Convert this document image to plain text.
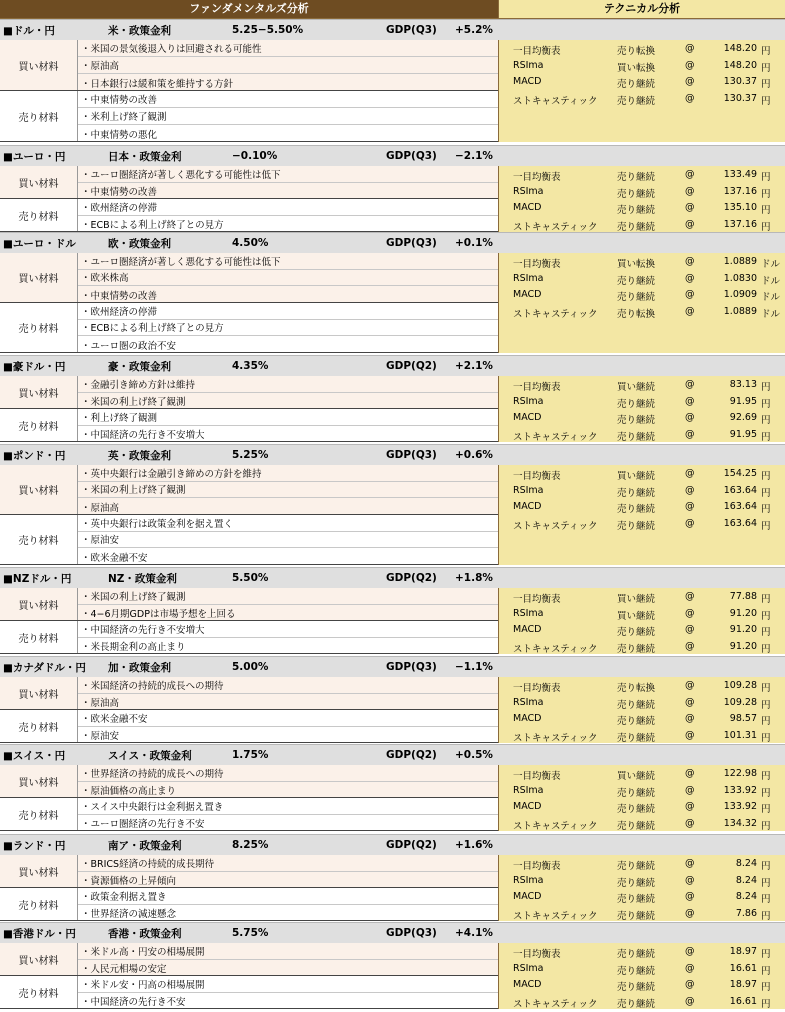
ファンダメンタルズ分析	テクニカル分析
■ドル・円	米・政策金利	5.25−5.50%	GDP(Q3) +5.2%
買い材料
・米国の景気後退入りは回避される可能性
・原油高
・日本銀行は緩和策を維持する方針
売り材料
・中東情勢の改善
・米利上げ終了観測
・中東情勢の悪化
一目均衡表	売り転換	@	148.20 円
RSIma	買い転換	@	148.20 円
MACD	売り継続	@	130.37 円
ストキャスティック 売り継続	@	130.37 円
■ユーロ・円	日本・政策金利	−0.10%	GDP(Q3) −2.1%
買い材料
・ユーロ圏経済が著しく悪化する可能性は低下
・中東情勢の改善
売り材料
・欧州経済の停滞
・ECBによる利上げ終了との見方
一目均衡表	売り継続	@	133.49 円
RSIma	売り継続	@	137.16 円
MACD	売り継続	@	135.10 円
ストキャスティック 売り継続	@	137.16 円
■ユーロ・ドル	欧・政策金利	4.50%	GDP(Q3) +0.1%
買い材料
・ユーロ圏経済が著しく悪化する可能性は低下
・欧米株高
・中東情勢の改善
売り材料
・欧州経済の停滞
・ECBによる利上げ終了との見方
・ユーロ圏の政治不安
一目均衡表	買い転換	@	1.0889 ドル
RSIma	売り継続	@	1.0830 ドル
MACD	売り継続	@	1.0909 ドル
ストキャスティック 売り転換	@	1.0889 ドル
■豪ドル・円	豪・政策金利	4.35%	GDP(Q2) +2.1%
買い材料
・金融引き締め方針は維持
・米国の利上げ終了観測
売り材料
・利上げ終了観測
・中国経済の先行き不安増大
一目均衡表	買い継続	@	83.13 円
RSIma	売り継続	@	91.95 円
MACD	売り継続	@	92.69 円
ストキャスティック 売り継続	@	91.95 円
■ポンド・円	英・政策金利	5.25%	GDP(Q3) +0.6%
買い材料
・英中央銀行は金融引き締めの方針を維持
・米国の利上げ終了観測
・原油高
売り材料
・英中央銀行は政策金利を据え置く
・原油安
・欧米金融不安
一目均衡表	買い継続	@	154.25 円
RSIma	売り継続	@	163.64 円
MACD	売り継続	@	163.64 円
ストキャスティック 売り継続	@	163.64 円
■NZドル・円	NZ・政策金利	5.50%	GDP(Q2) +1.8%
買い材料
・米国の利上げ終了観測
・4−6月期GDPは市場予想を上回る
売り材料
・中国経済の先行き不安増大
・米長期金利の高止まり
一目均衡表	買い継続	@	77.88 円
RSIma	買い継続	@	91.20 円
MACD	売り継続	@	91.20 円
ストキャスティック 売り継続	@	91.20 円
■カナダドル・円 加・政策金利	5.00%	GDP(Q3) −1.1%
買い材料
・米国経済の持続的成長への期待
・原油高
売り材料
・欧米金融不安
・原油安
一目均衡表	売り転換	@	109.28 円
RSIma	売り継続	@	109.28 円
MACD	売り継続	@	98.57 円
ストキャスティック 売り継続	@	101.31 円
■スイス・円	スイス・政策金利	1.75%	GDP(Q2) +0.5%
買い材料
・世界経済の持続的成長への期待
・原油価格の高止まり
売り材料
・スイス中央銀行は金利据え置き
・ユーロ圏経済の先行き不安
一目均衡表	買い継続	@	122.98 円
RSIma	売り継続	@	133.92 円
MACD	売り継続	@	133.92 円
ストキャスティック 売り継続	@	134.32 円
■ランド・円	南ア・政策金利	8.25%	GDP(Q2) +1.6%
買い材料
・BRICS経済の持続的成長期待
・資源価格の上昇傾向
売り材料
・政策金利据え置き
・世界経済の減速懸念
一目均衡表	売り継続	@	8.24 円
RSIma	売り継続	@	8.24 円
MACD	売り継続	@	8.24 円
ストキャスティック 売り継続	@	7.86 円
■香港ドル・円	香港・政策金利	5.75%	GDP(Q3) +4.1%
買い材料
・米ドル高・円安の相場展開
・人民元相場の安定
売り材料
・米ドル安・円高の相場展開
・中国経済の先行き不安
一目均衡表	売り継続	@	18.97 円
RSIma	売り継続	@	16.61 円
MACD	売り継続	@	18.97 円
ストキャスティック 売り継続	@	16.61 円
